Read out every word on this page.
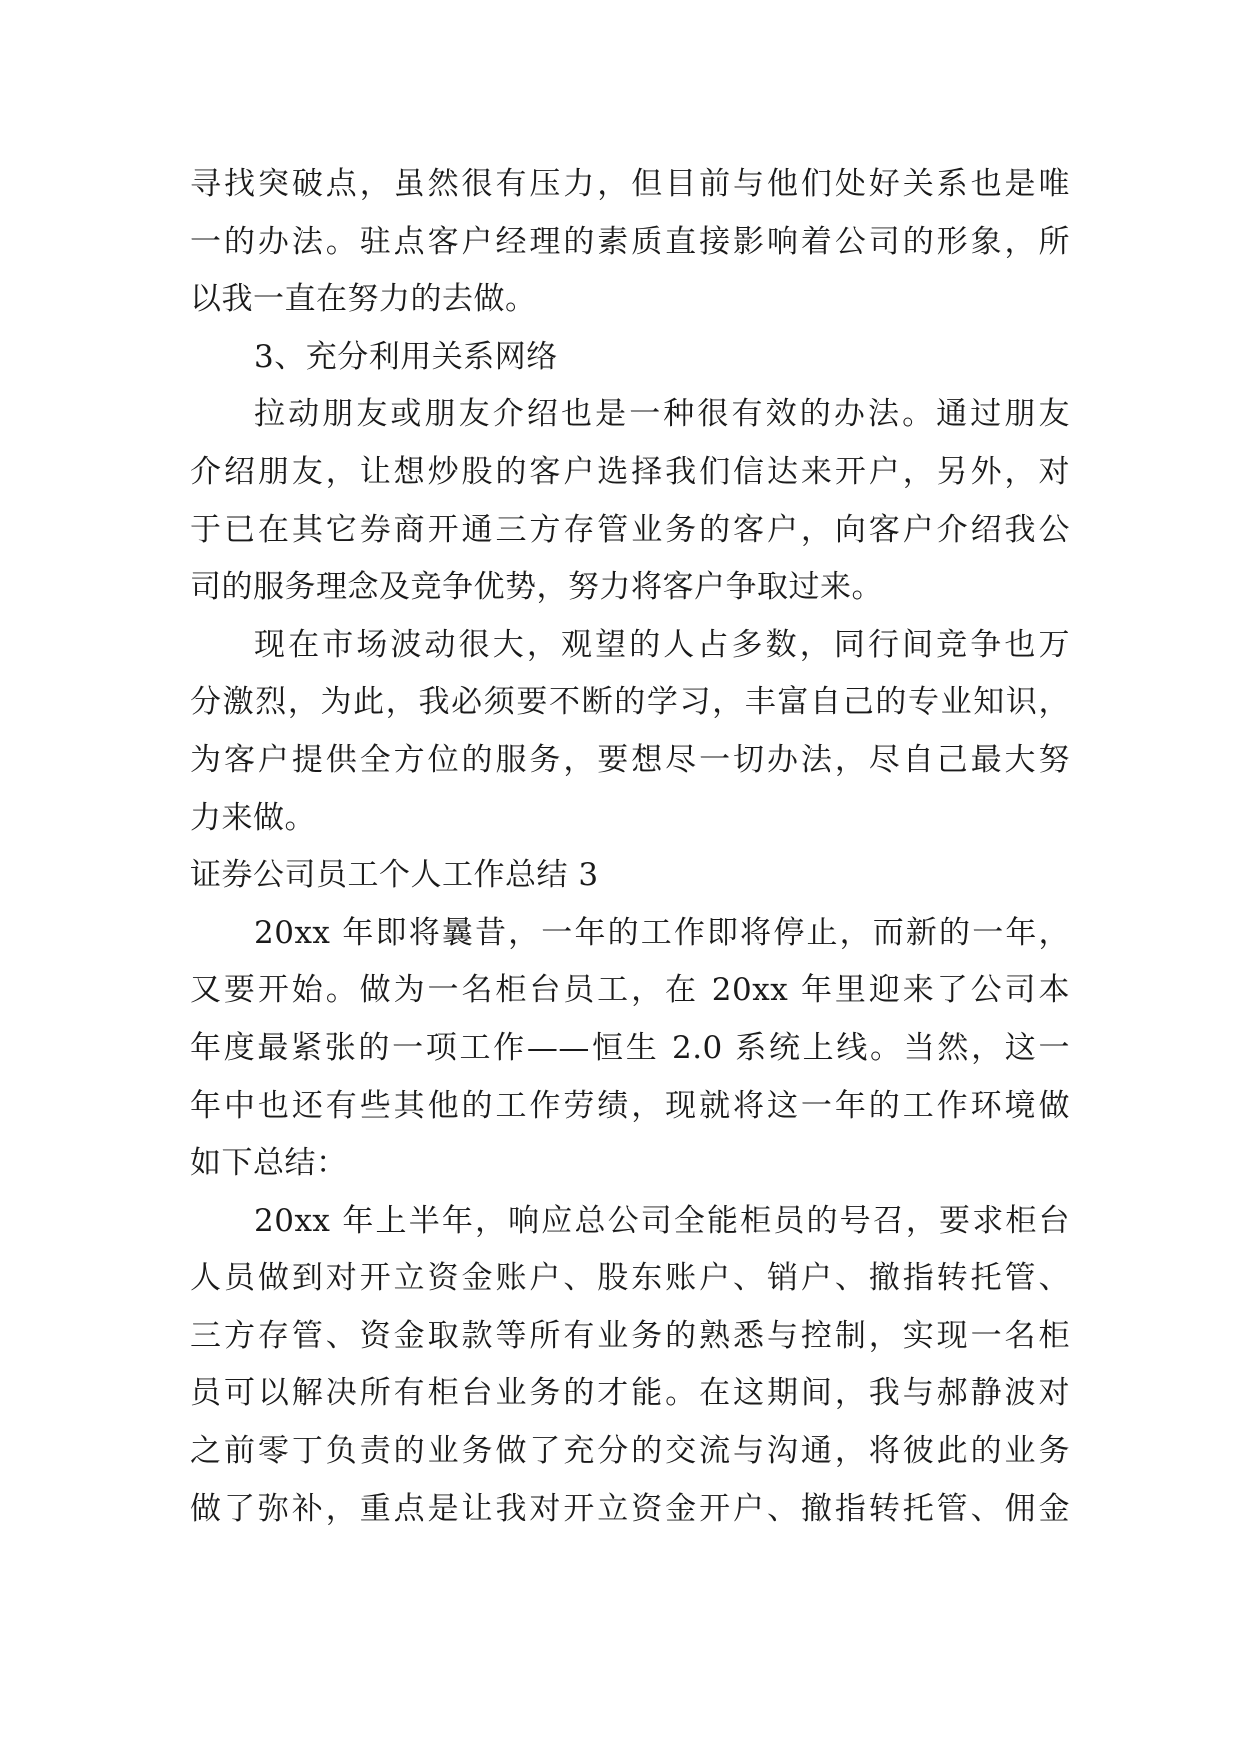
寻找突破点，虽然很有压力，但目前与他们处好关系也是唯
一的办法。驻点客户经理的素质直接影响着公司的形象，所
以我一直在努力的去做。
3、充分利用关系网络
拉动朋友或朋友介绍也是一种很有效的办法。通过朋友
介绍朋友，让想炒股的客户选择我们信达来开户，另外，对
于已在其它券商开通三方存管业务的客户，向客户介绍我公
司的服务理念及竞争优势，努力将客户争取过来。
现在市场波动很大，观望的人占多数，同行间竞争也万
分激烈，为此，我必须要不断的学习，丰富自己的专业知识，
为客户提供全方位的服务，要想尽一切办法，尽自己最大努
力来做。
证券公司员工个人工作总结 3
20xx 年即将曩昔，一年的工作即将停止，而新的一年，
又要开始。做为一名柜台员工，在 20xx 年里迎来了公司本
年度最紧张的一项工作——恒生 2.0 系统上线。当然，这一
年中也还有些其他的工作劳绩，现就将这一年的工作环境做
如下总结：
20xx 年上半年，响应总公司全能柜员的号召，要求柜台
人员做到对开立资金账户、股东账户、销户、撤指转托管、
三方存管、资金取款等所有业务的熟悉与控制，实现一名柜
员可以解决所有柜台业务的才能。在这期间，我与郝静波对
之前零丁负责的业务做了充分的交流与沟通，将彼此的业务
做了弥补，重点是让我对开立资金开户、撤指转托管、佣金
